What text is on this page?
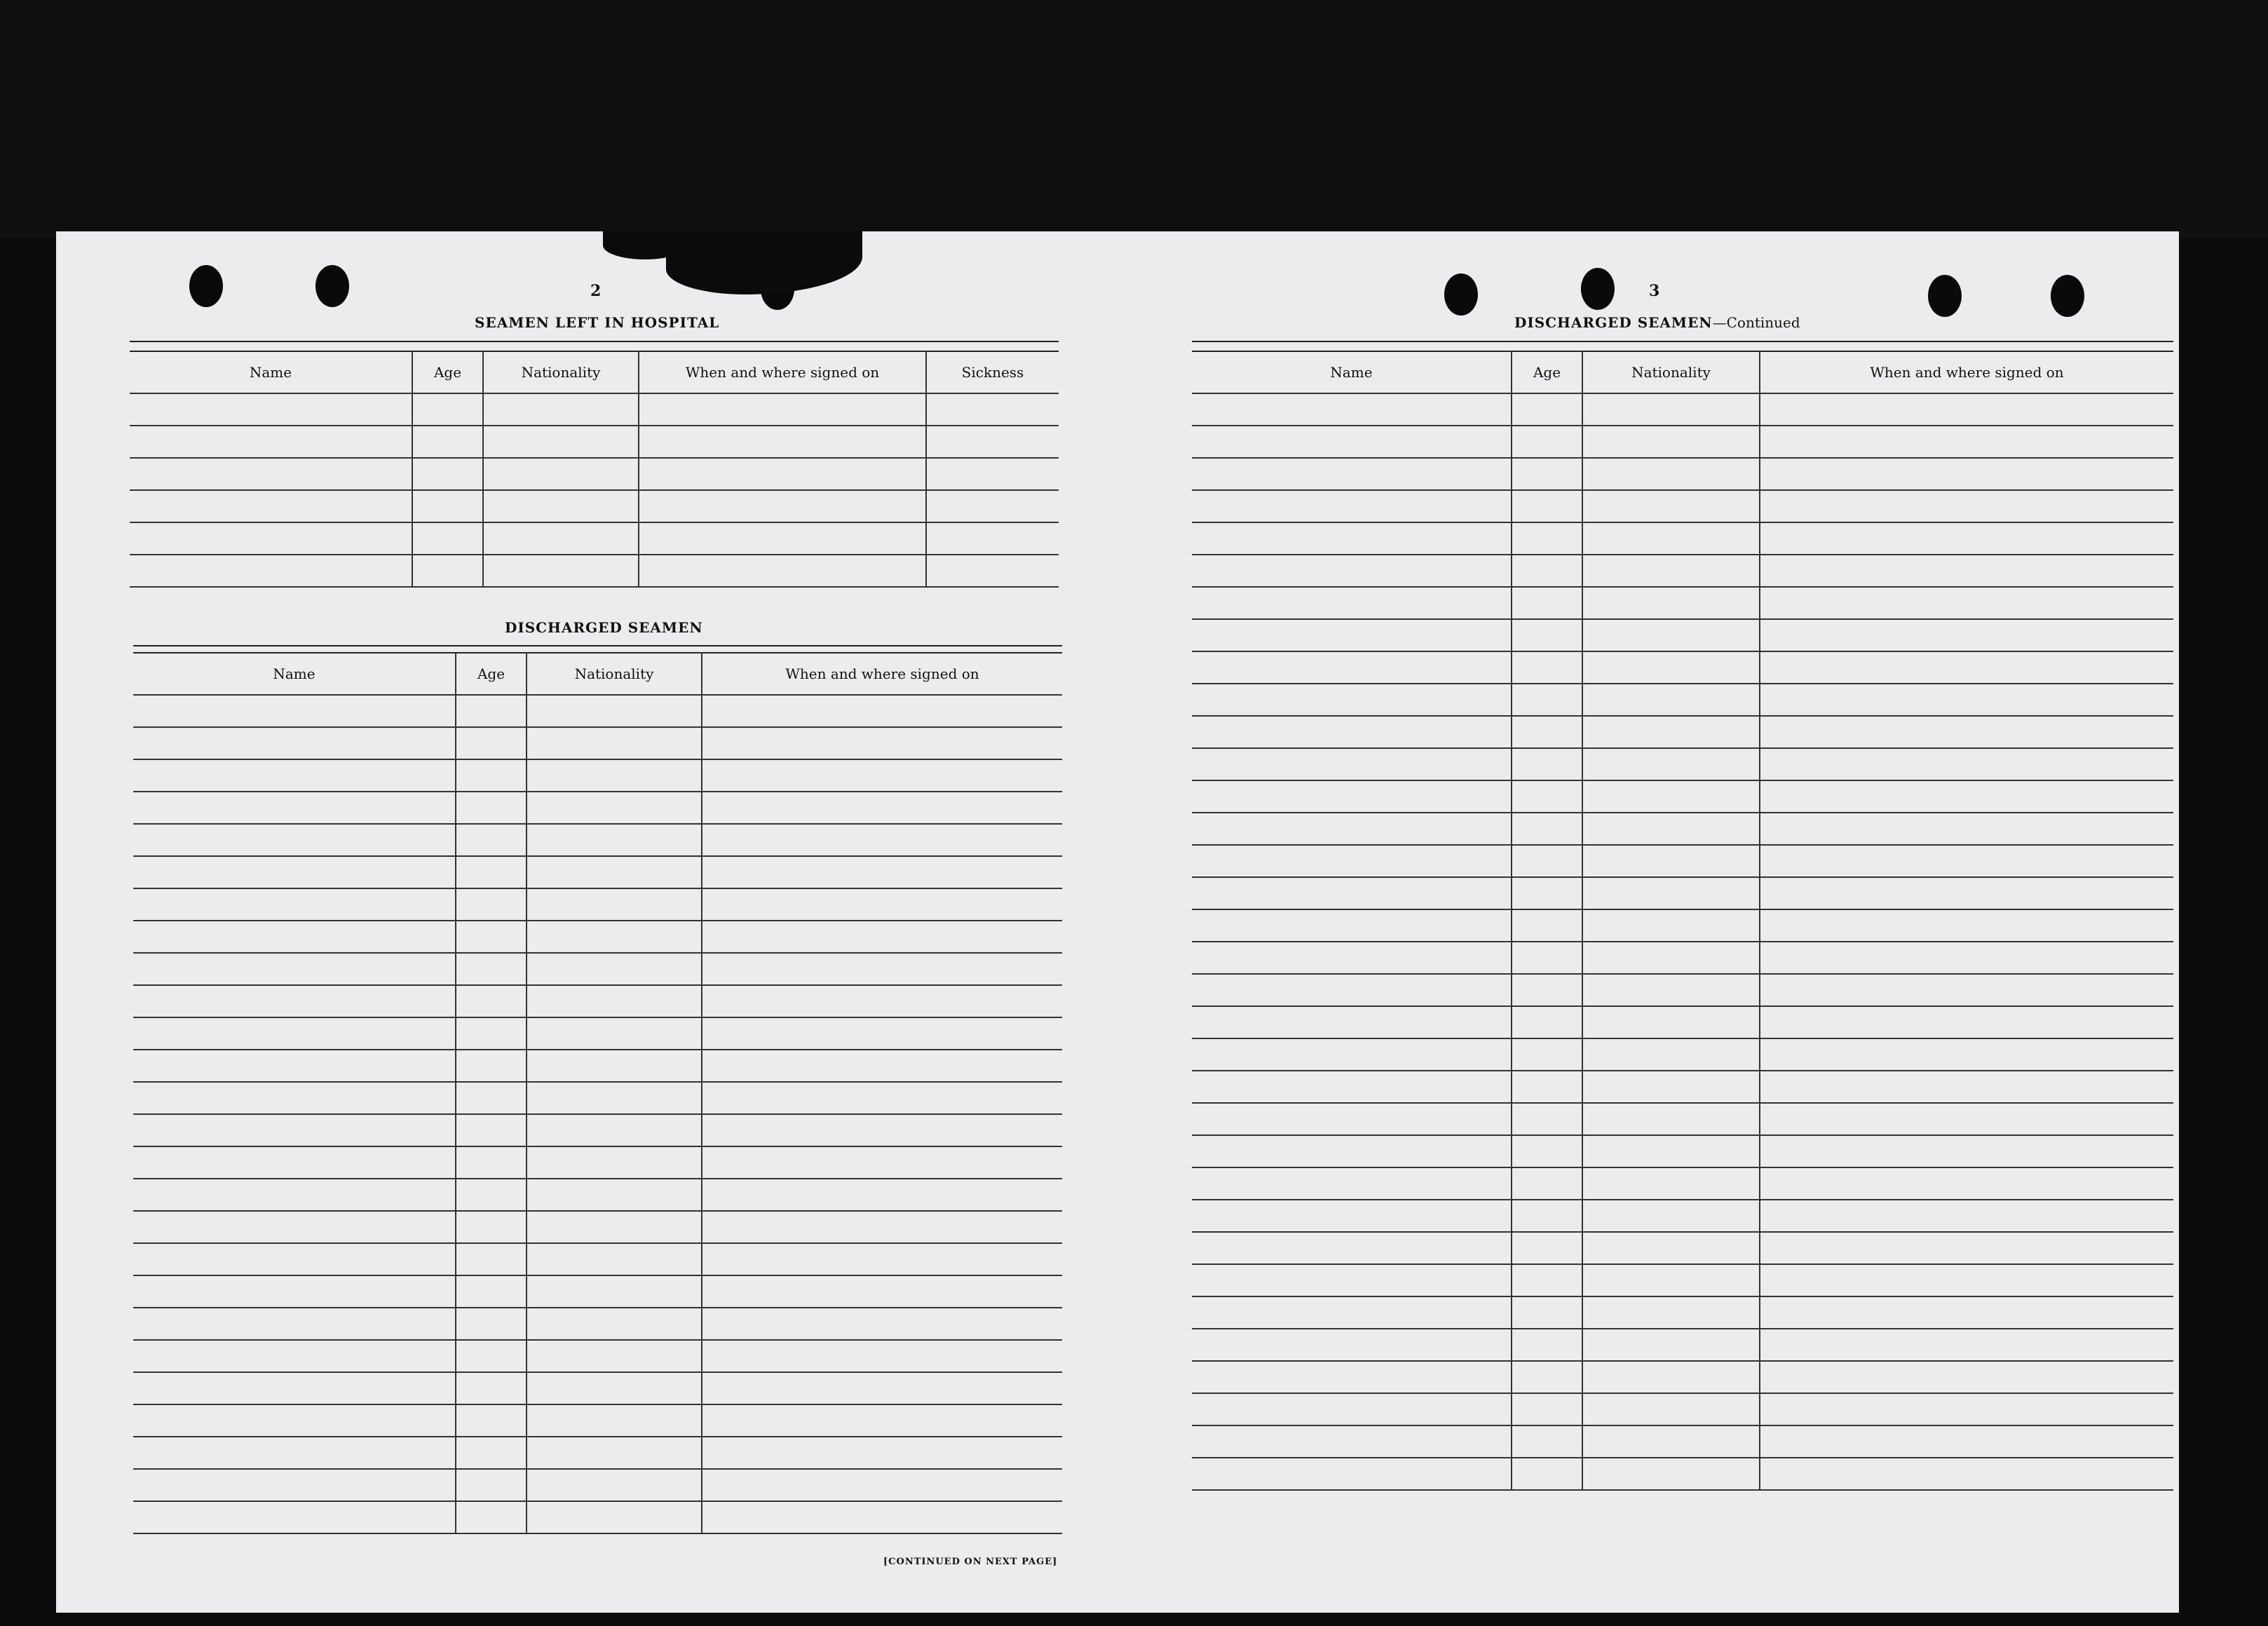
2
SEAMEN LEFT IN HOSPITAL
Name	Age	Nationality	When and where signed on	Sickness

DISCHARGED SEAMEN
Name	Age	Nationality	When and where signed on

[CONTINUED ON NEXT PAGE]
3
DISCHARGED SEAMEN—Continued
Name	Age	Nationality	When and where signed on
